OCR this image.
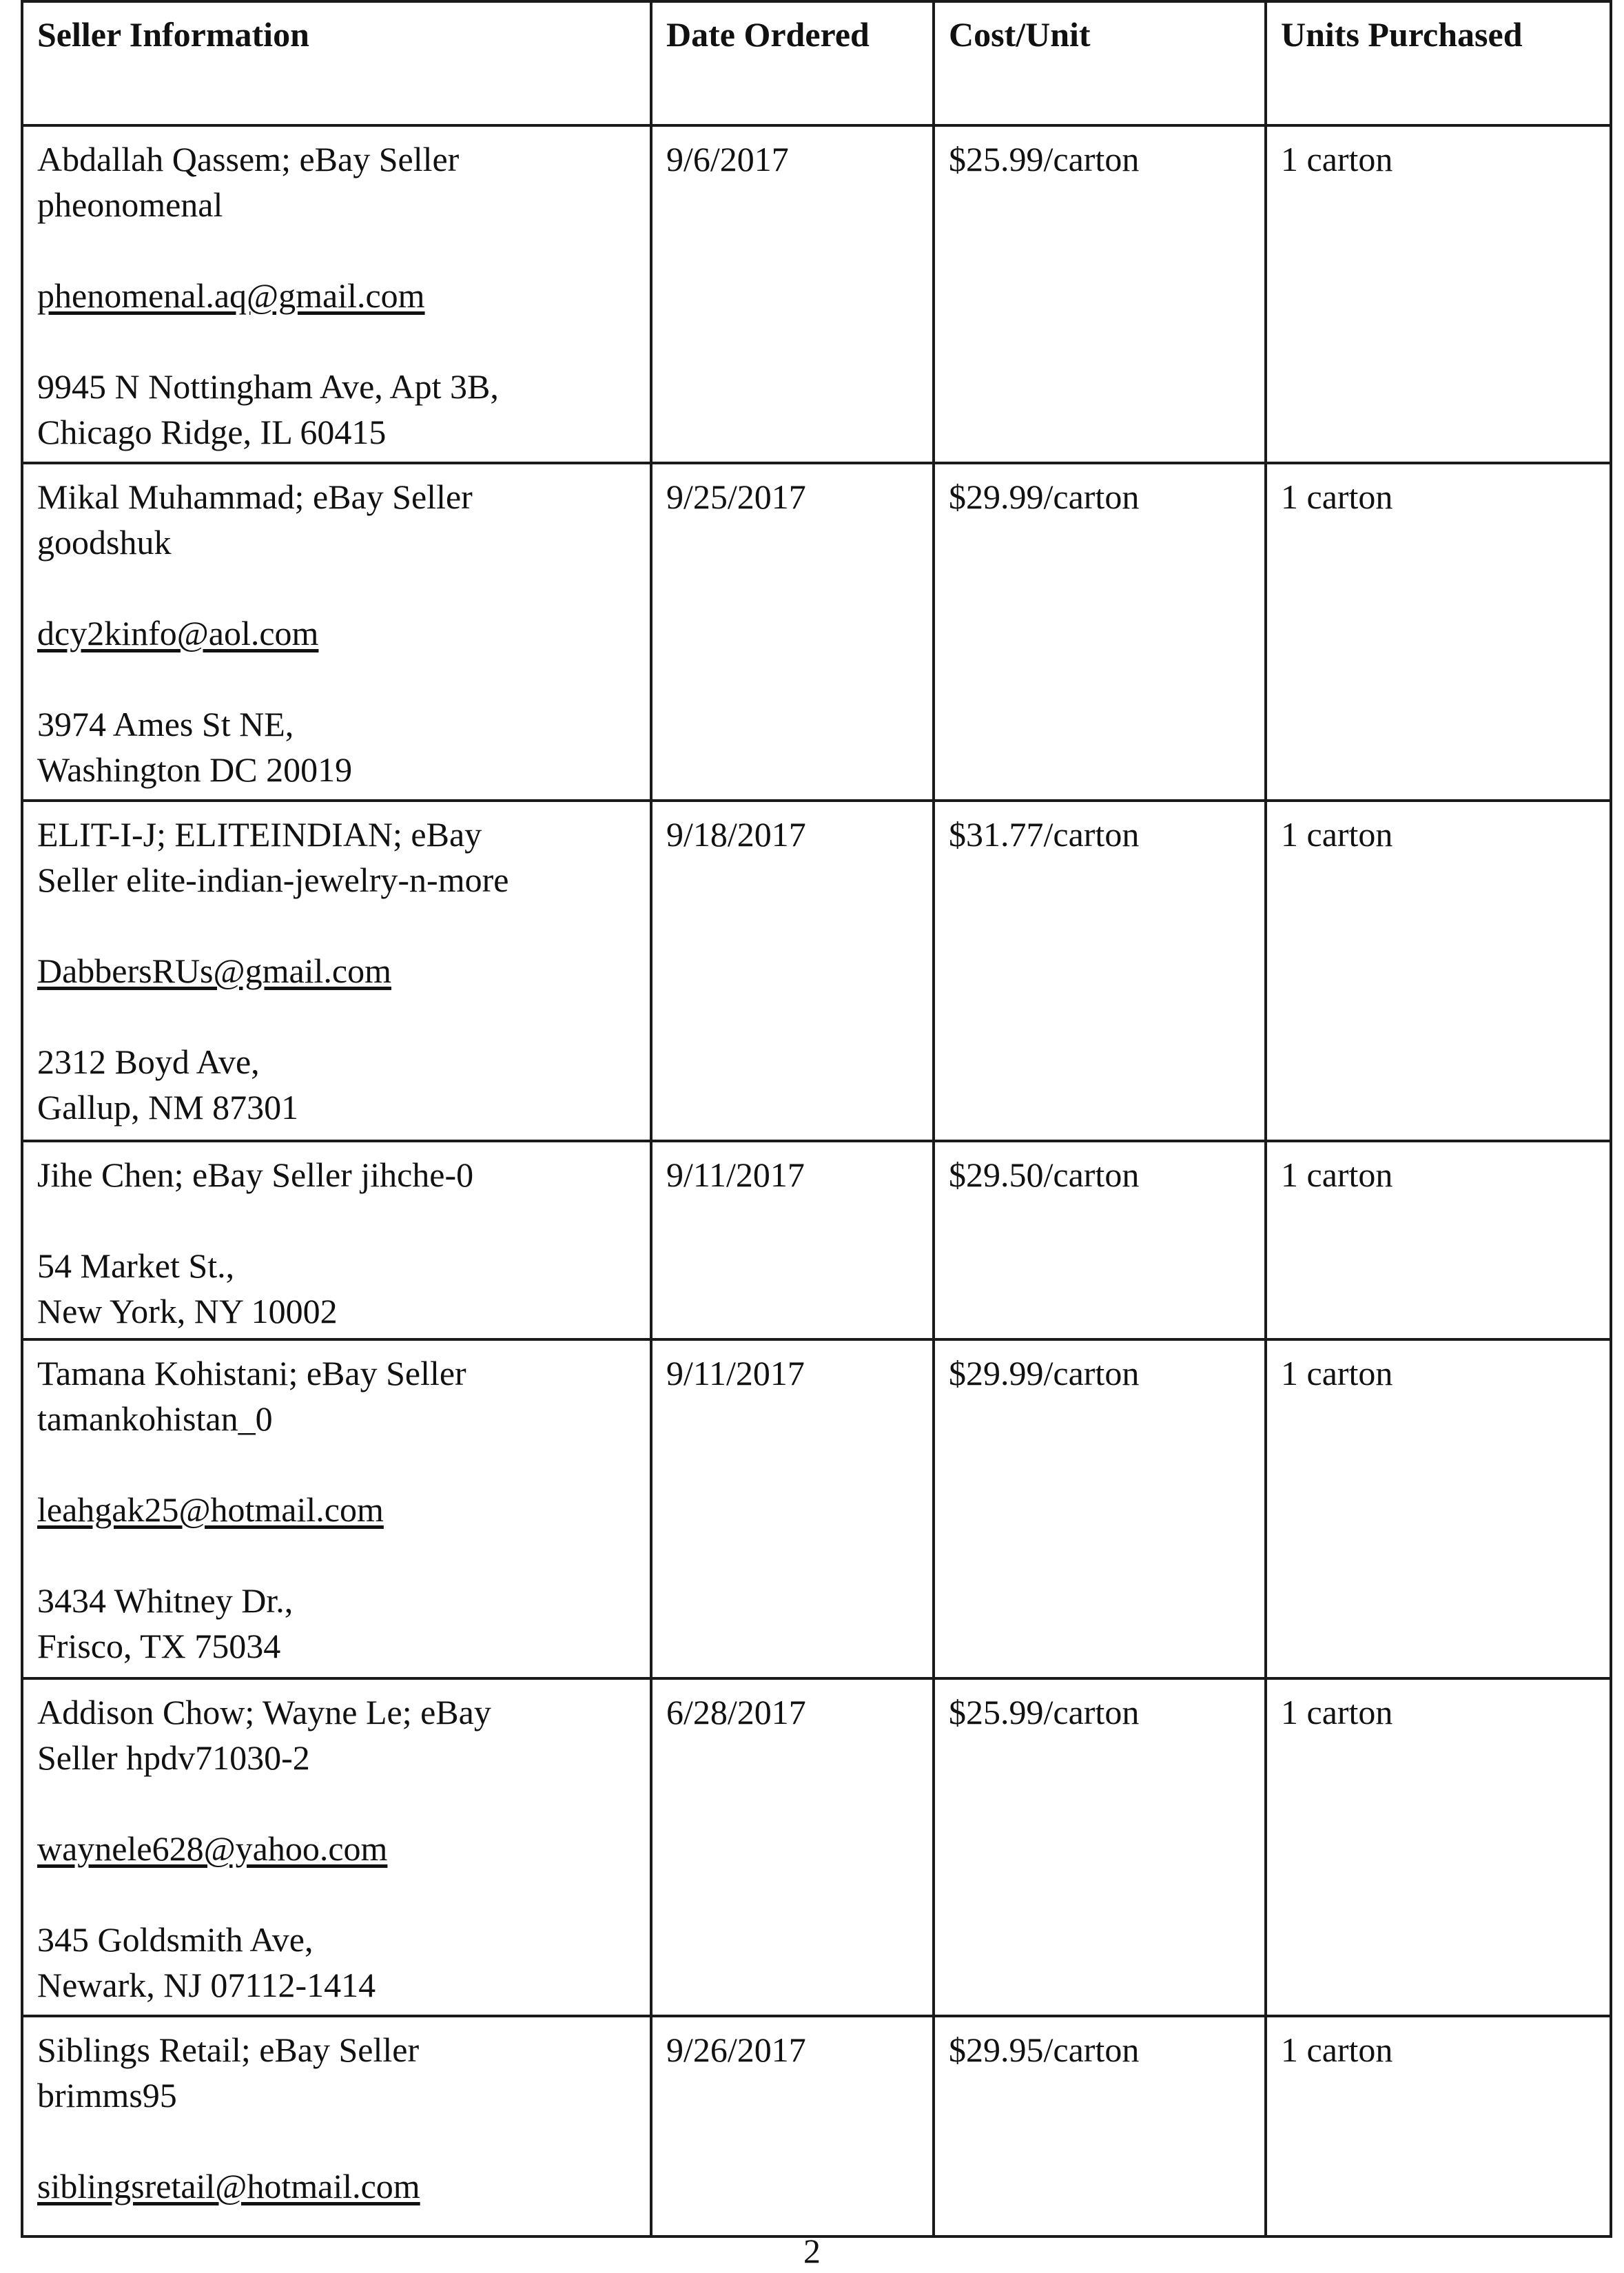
Seller Information	Date Ordered	Cost/Unit	Units Purchased

Abdallah Qassem; eBay Seller
pheonomenal
phenomenal.aq@gmail.com
9945 N Nottingham Ave, Apt 3B,
Chicago Ridge, IL 60415	9/6/2017	$25.99/carton	1 carton

Mikal Muhammad; eBay Seller
goodshuk
dcy2kinfo@aol.com
3974 Ames St NE,
Washington DC 20019	9/25/2017	$29.99/carton	1 carton

ELIT-I-J; ELITEINDIAN; eBay
Seller elite-indian-jewelry-n-more
DabbersRUs@gmail.com
2312 Boyd Ave,
Gallup, NM 87301	9/18/2017	$31.77/carton	1 carton

Jihe Chen; eBay Seller jihche-0
54 Market St.,
New York, NY 10002	9/11/2017	$29.50/carton	1 carton

Tamana Kohistani; eBay Seller
tamankohistan_0
leahgak25@hotmail.com
3434 Whitney Dr.,
Frisco, TX 75034	9/11/2017	$29.99/carton	1 carton

Addison Chow; Wayne Le; eBay
Seller hpdv71030-2
waynele628@yahoo.com
345 Goldsmith Ave,
Newark, NJ 07112-1414	6/28/2017	$25.99/carton	1 carton

Siblings Retail; eBay Seller
brimms95
siblingsretail@hotmail.com	9/26/2017	$29.95/carton	1 carton
2
